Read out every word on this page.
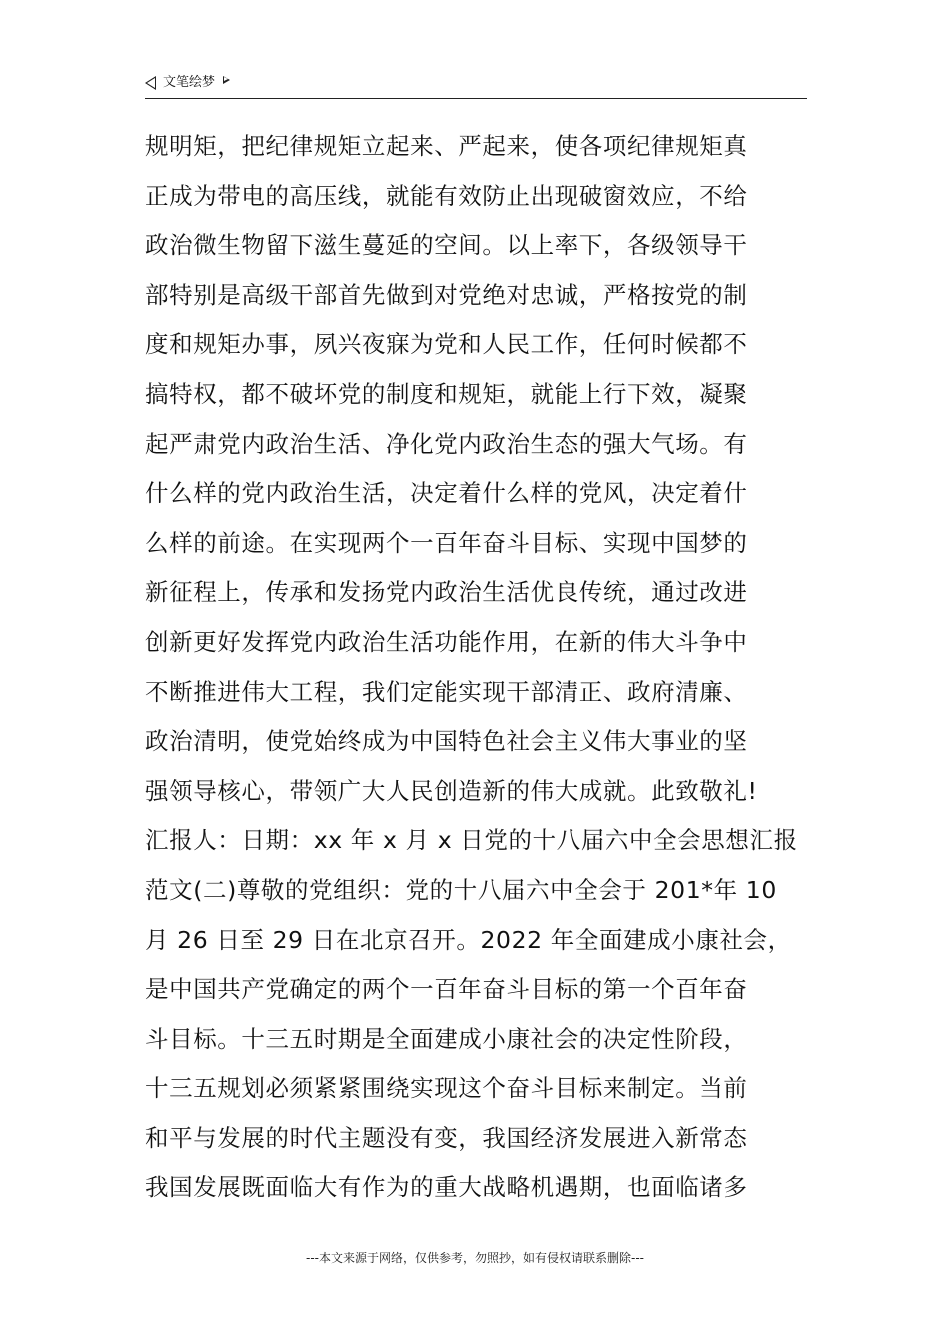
文笔绘梦
规明矩，把纪律规矩立起来、严起来，使各项纪律规矩真
正成为带电的高压线，就能有效防止出现破窗效应，不给
政治微生物留下滋生蔓延的空间。以上率下，各级领导干
部特别是高级干部首先做到对党绝对忠诚，严格按党的制
度和规矩办事，夙兴夜寐为党和人民工作，任何时候都不
搞特权，都不破坏党的制度和规矩，就能上行下效，凝聚
起严肃党内政治生活、净化党内政治生态的强大气场。有
什么样的党内政治生活，决定着什么样的党风，决定着什
么样的前途。在实现两个一百年奋斗目标、实现中国梦的
新征程上，传承和发扬党内政治生活优良传统，通过改进
创新更好发挥党内政治生活功能作用，在新的伟大斗争中
不断推进伟大工程，我们定能实现干部清正、政府清廉、
政治清明，使党始终成为中国特色社会主义伟大事业的坚
强领导核心，带领广大人民创造新的伟大成就。此致敬礼!
汇报人：日期：xx 年 x 月 x 日党的十八届六中全会思想汇报
范文(二)尊敬的党组织：党的十八届六中全会于 201*年 10
月 26 日至 29 日在北京召开。2022 年全面建成小康社会，
是中国共产党确定的两个一百年奋斗目标的第一个百年奋
斗目标。十三五时期是全面建成小康社会的决定性阶段，
十三五规划必须紧紧围绕实现这个奋斗目标来制定。当前
和平与发展的时代主题没有变，我国经济发展进入新常态
我国发展既面临大有作为的重大战略机遇期，也面临诸多
---本文来源于网络，仅供参考，勿照抄，如有侵权请联系删除---
